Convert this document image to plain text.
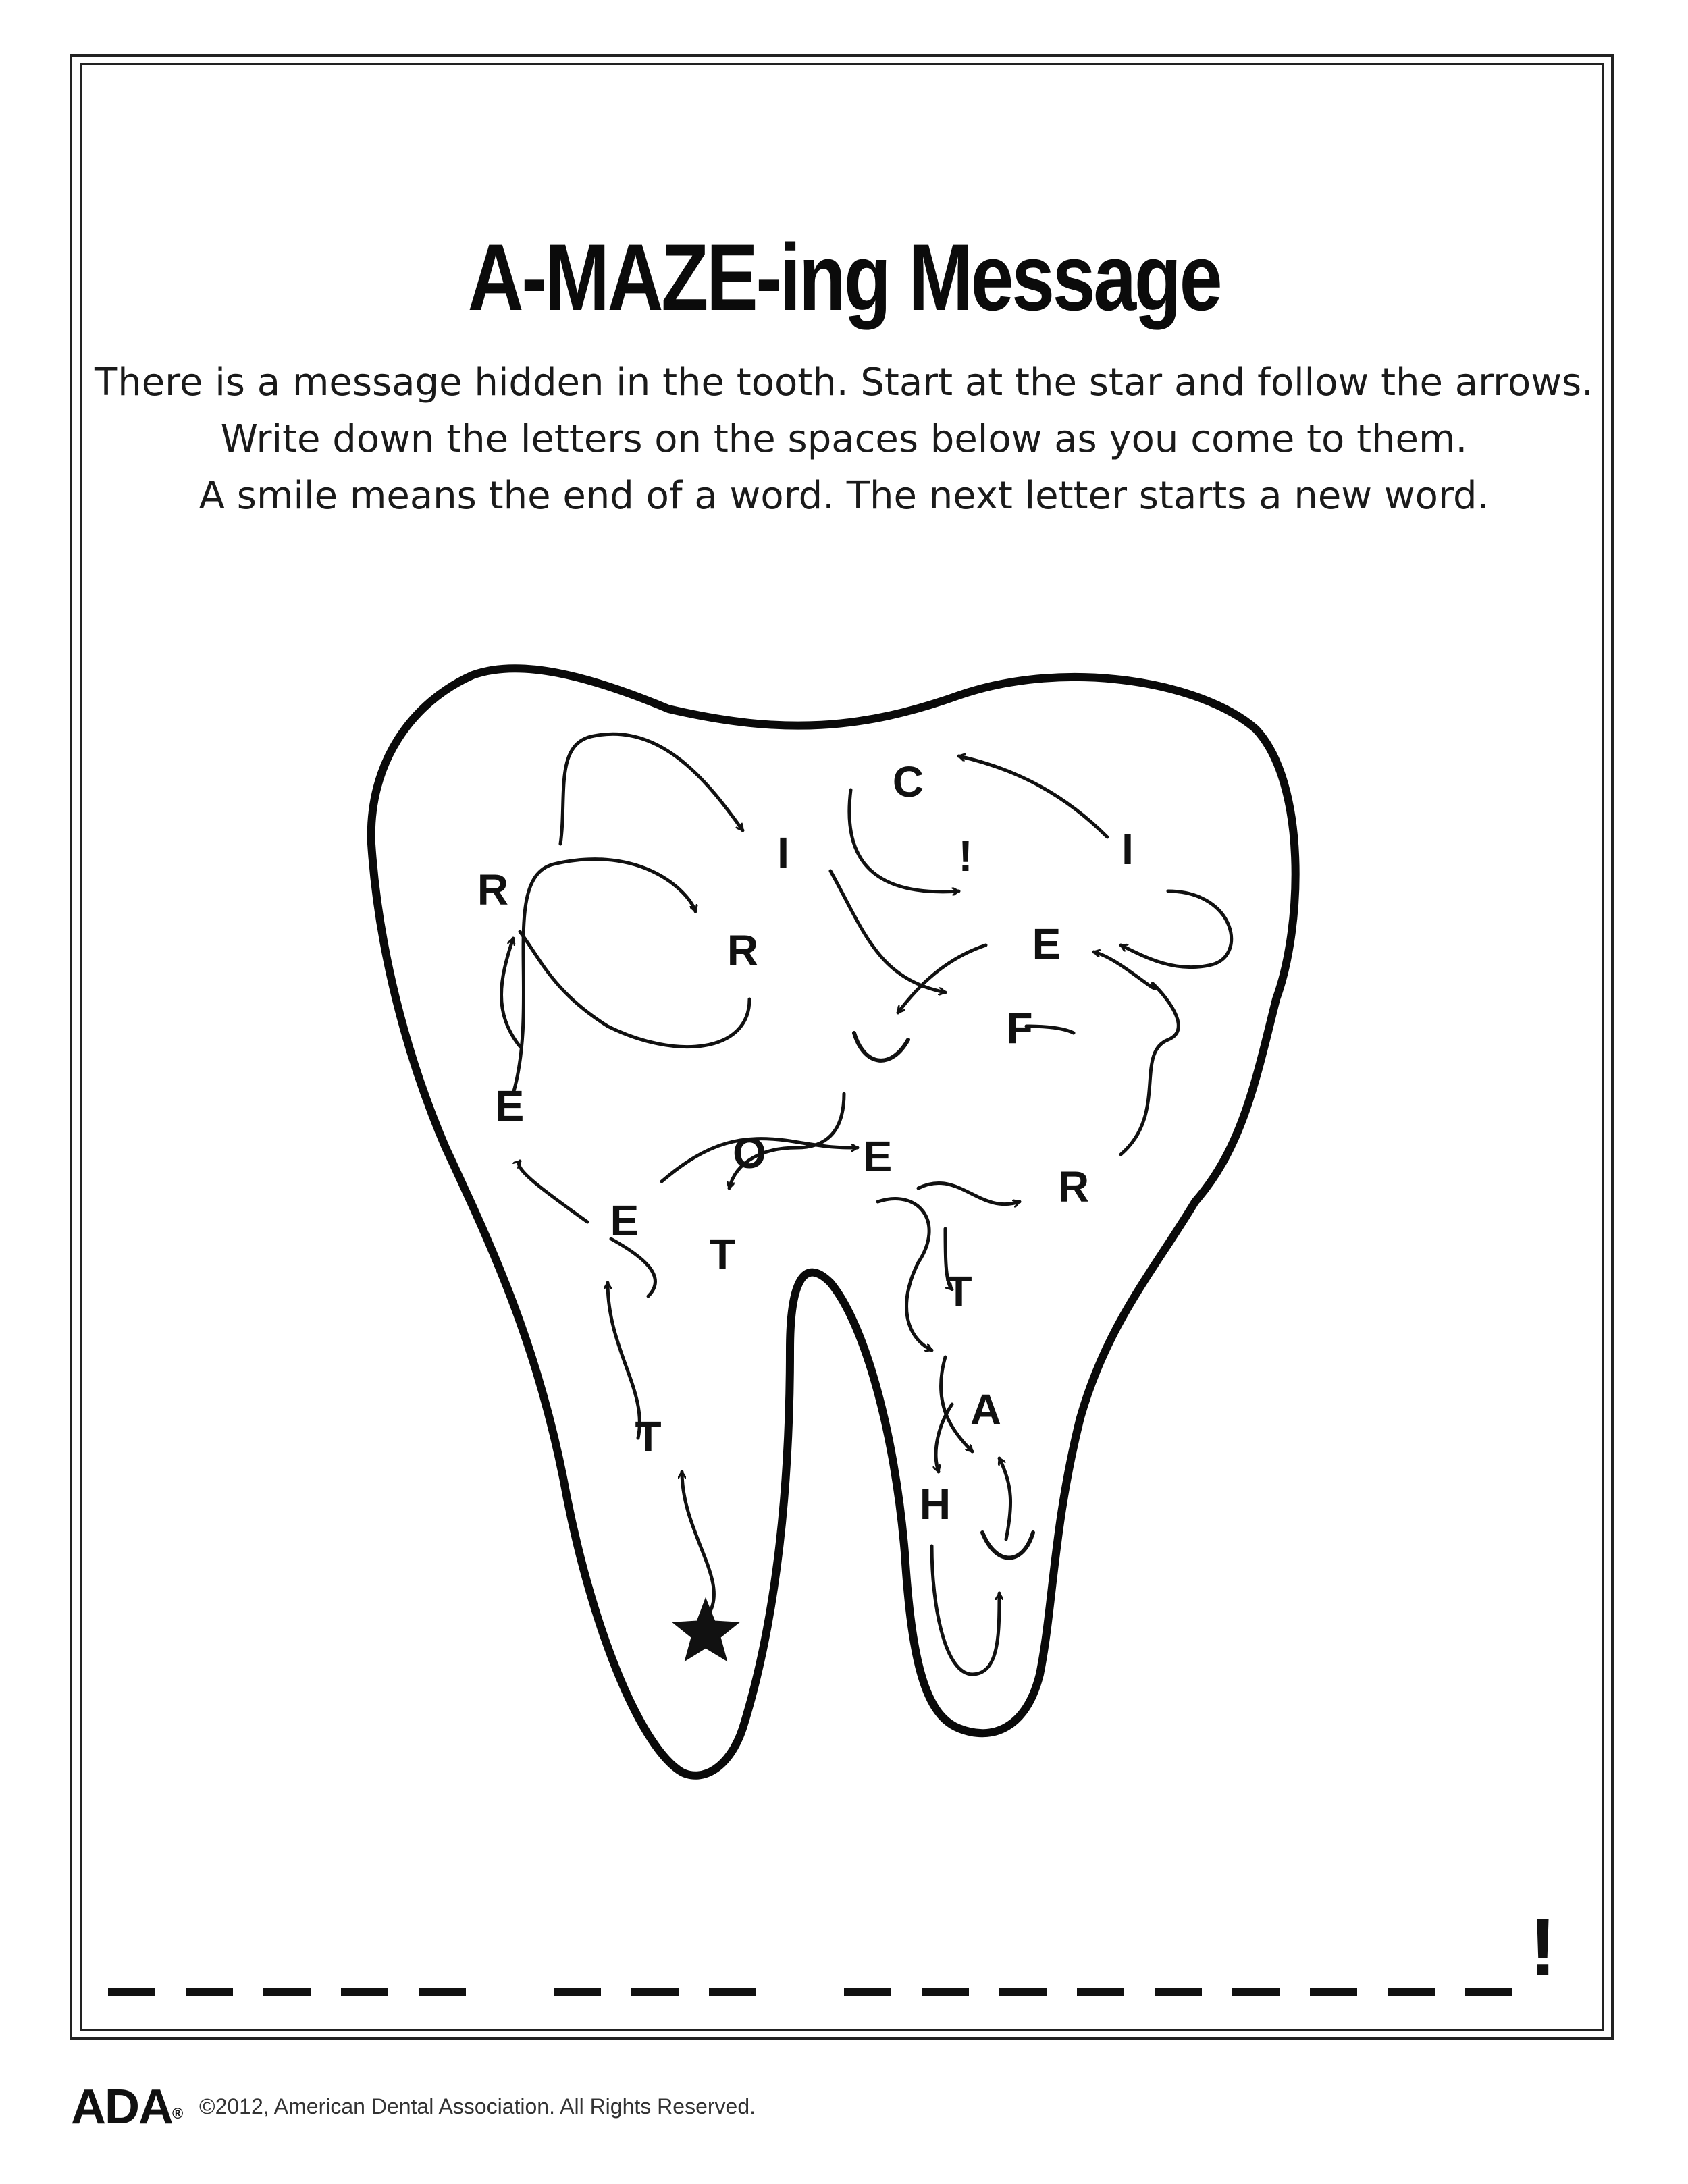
A-MAZE-ing Message
There is a message hidden in the tooth. Start at the star and follow the arrows.
Write down the letters on the spaces below as you come to them.
A smile means the end of a word. The next letter starts a new word.
C
!
I	I
R
R	E
F
E
O E
R
E
T
T
T
A
H
!
ADA ® ©2012, American Dental Association. All Rights Reserved.
